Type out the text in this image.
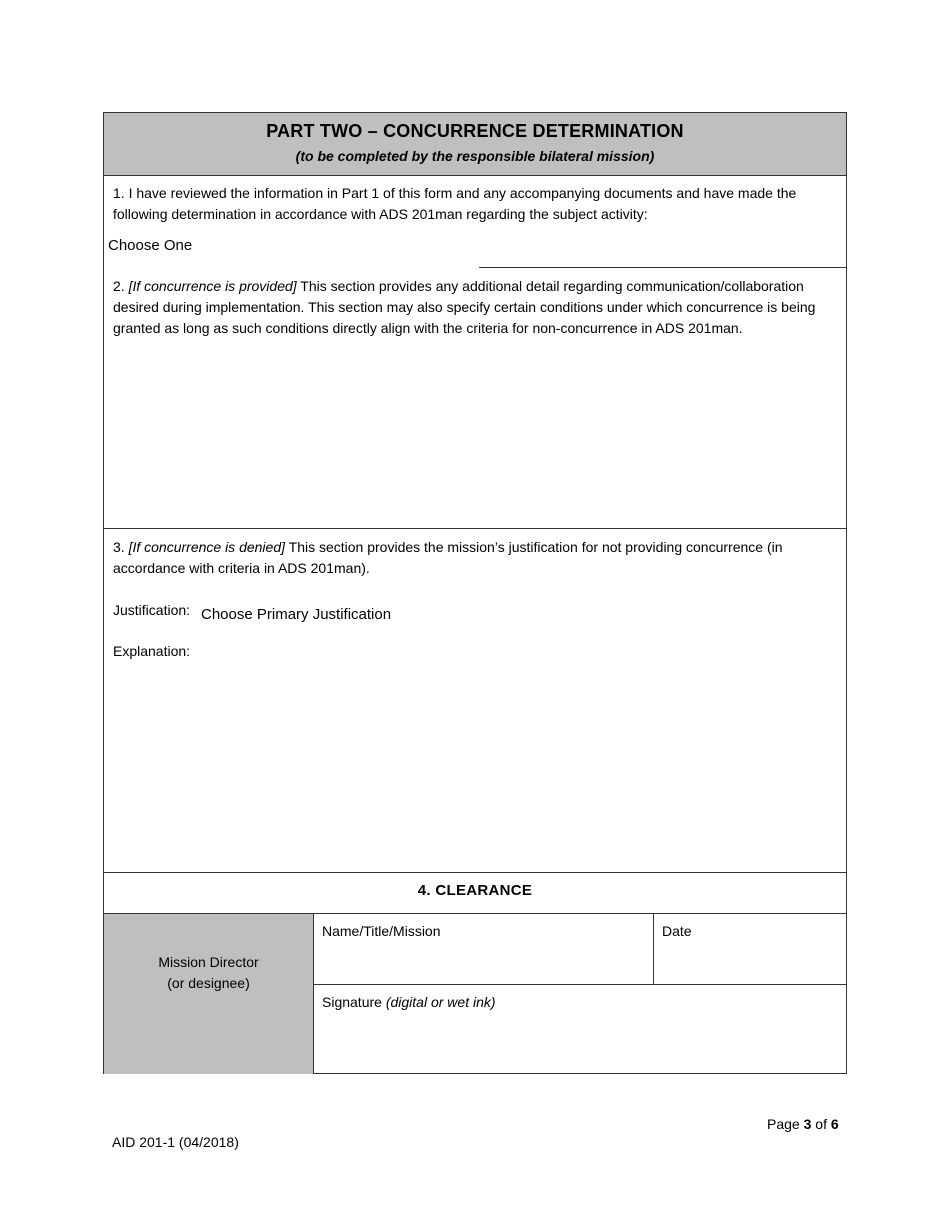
PART TWO – CONCURRENCE DETERMINATION
(to be completed by the responsible bilateral mission)
1. I have reviewed the information in Part 1 of this form and any accompanying documents and have made the following determination in accordance with ADS 201man regarding the subject activity:
Choose One
2. [If concurrence is provided] This section provides any additional detail regarding communication/collaboration desired during implementation. This section may also specify certain conditions under which concurrence is being granted as long as such conditions directly align with the criteria for non-concurrence in ADS 201man.
3. [If concurrence is denied] This section provides the mission’s justification for not providing concurrence (in accordance with criteria in ADS 201man).
Justification: Choose Primary Justification
Explanation:
4. CLEARANCE
Mission Director
(or designee)
Name/Title/Mission	Date
Signature (digital or wet ink)
Page 3 of 6
AID 201-1 (04/2018)
